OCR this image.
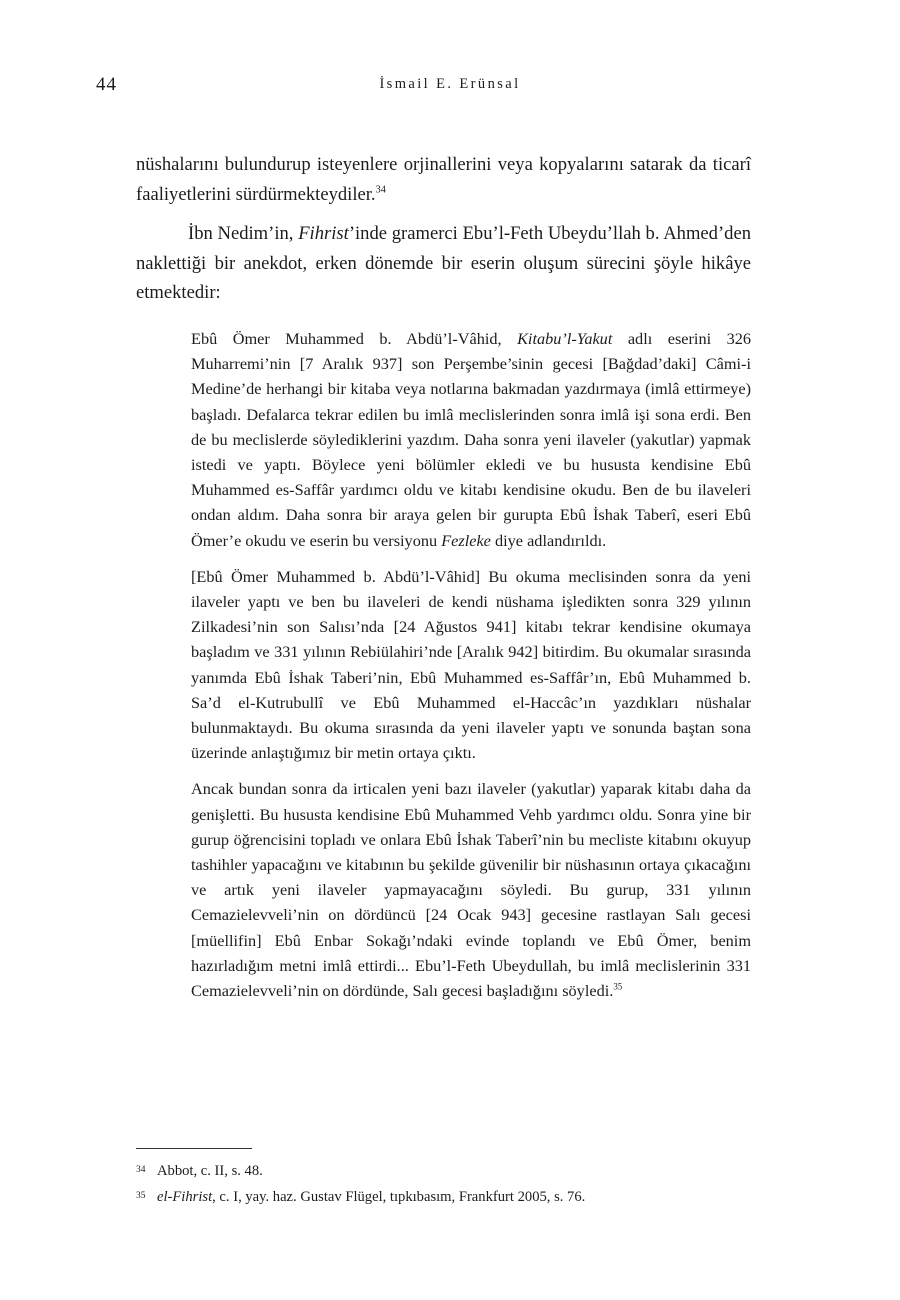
44	İsmail E. Erünsal

nüshalarını bulundurup isteyenlere orjinallerini veya kopyalarını satarak da ticarî faaliyetlerini sürdürmekteydiler.$^{34}$

İbn Nedim’in, Fihrist’inde gramerci Ebu’l-Feth Ubeydu’llah b. Ahmed’den naklettiği bir anekdot, erken dönemde bir eserin oluşum sürecini şöyle hikâye etmektedir:

Ebû Ömer Muhammed b. Abdü’l-Vâhid, Kitabu’l-Yakut adlı eserini 326 Muharremi’nin [7 Aralık 937] son Perşembe’sinin gecesi [Bağdad’daki] Câmi-i Medine’de herhangi bir kitaba veya notlarına bakmadan yazdırmaya (imlâ ettirmeye) başladı. Defalarca tekrar edilen bu imlâ meclislerinden sonra imlâ işi sona erdi. Ben de bu meclislerde söylediklerini yazdım. Daha sonra yeni ilaveler (yakutlar) yapmak istedi ve yaptı. Böylece yeni bölümler ekledi ve bu hususta kendisine Ebû Muhammed es-Saffâr yardımcı oldu ve kitabı kendisine okudu. Ben de bu ilaveleri ondan aldım. Daha sonra bir araya gelen bir gurupta Ebû İshak Taberî, eseri Ebû Ömer’e okudu ve eserin bu versiyonu Fezleke diye adlandırıldı.

[Ebû Ömer Muhammed b. Abdü’l-Vâhid] Bu okuma meclisinden sonra da yeni ilaveler yaptı ve ben bu ilaveleri de kendi nüshama işledikten sonra 329 yılının Zilkadesi’nin son Salısı’nda [24 Ağustos 941] kitabı tekrar kendisine okumaya başladım ve 331 yılının Rebiülahiri’nde [Aralık 942] bitirdim. Bu okumalar sırasında yanımda Ebû İshak Taberi’nin, Ebû Muhammed es-Saffâr’ın, Ebû Muhammed b. Sa’d el-Kutrubullî ve Ebû Muhammed el-Haccâc’ın yazdıkları nüshalar bulunmaktaydı. Bu okuma sırasında da yeni ilaveler yaptı ve sonunda baştan sona üzerinde anlaştığımız bir metin ortaya çıktı.

Ancak bundan sonra da irticalen yeni bazı ilaveler (yakutlar) yaparak kitabı daha da genişletti. Bu hususta kendisine Ebû Muhammed Vehb yardımcı oldu. Sonra yine bir gurup öğrencisini topladı ve onlara Ebû İshak Taberî’nin bu mecliste kitabını okuyup tashihler yapacağını ve kitabının bu şekilde güvenilir bir nüshasının ortaya çıkacağını ve artık yeni ilaveler yapmayacağını söyledi. Bu gurup, 331 yılının Cemazielevveli’nin on dördüncü [24 Ocak 943] gecesine rastlayan Salı gecesi [müellifin] Ebû Enbar Sokağı’ndaki evinde toplandı ve Ebû Ömer, benim hazırladığım metni imlâ ettirdi... Ebu’l-Feth Ubeydullah, bu imlâ meclislerinin 331 Cemazielevveli’nin on dördünde, Salı gecesi başladığını söyledi.$^{35}$

34 Abbot, c. II, s. 48.
35 el-Fihrist, c. I, yay. haz. Gustav Flügel, tıpkıbasım, Frankfurt 2005, s. 76.
